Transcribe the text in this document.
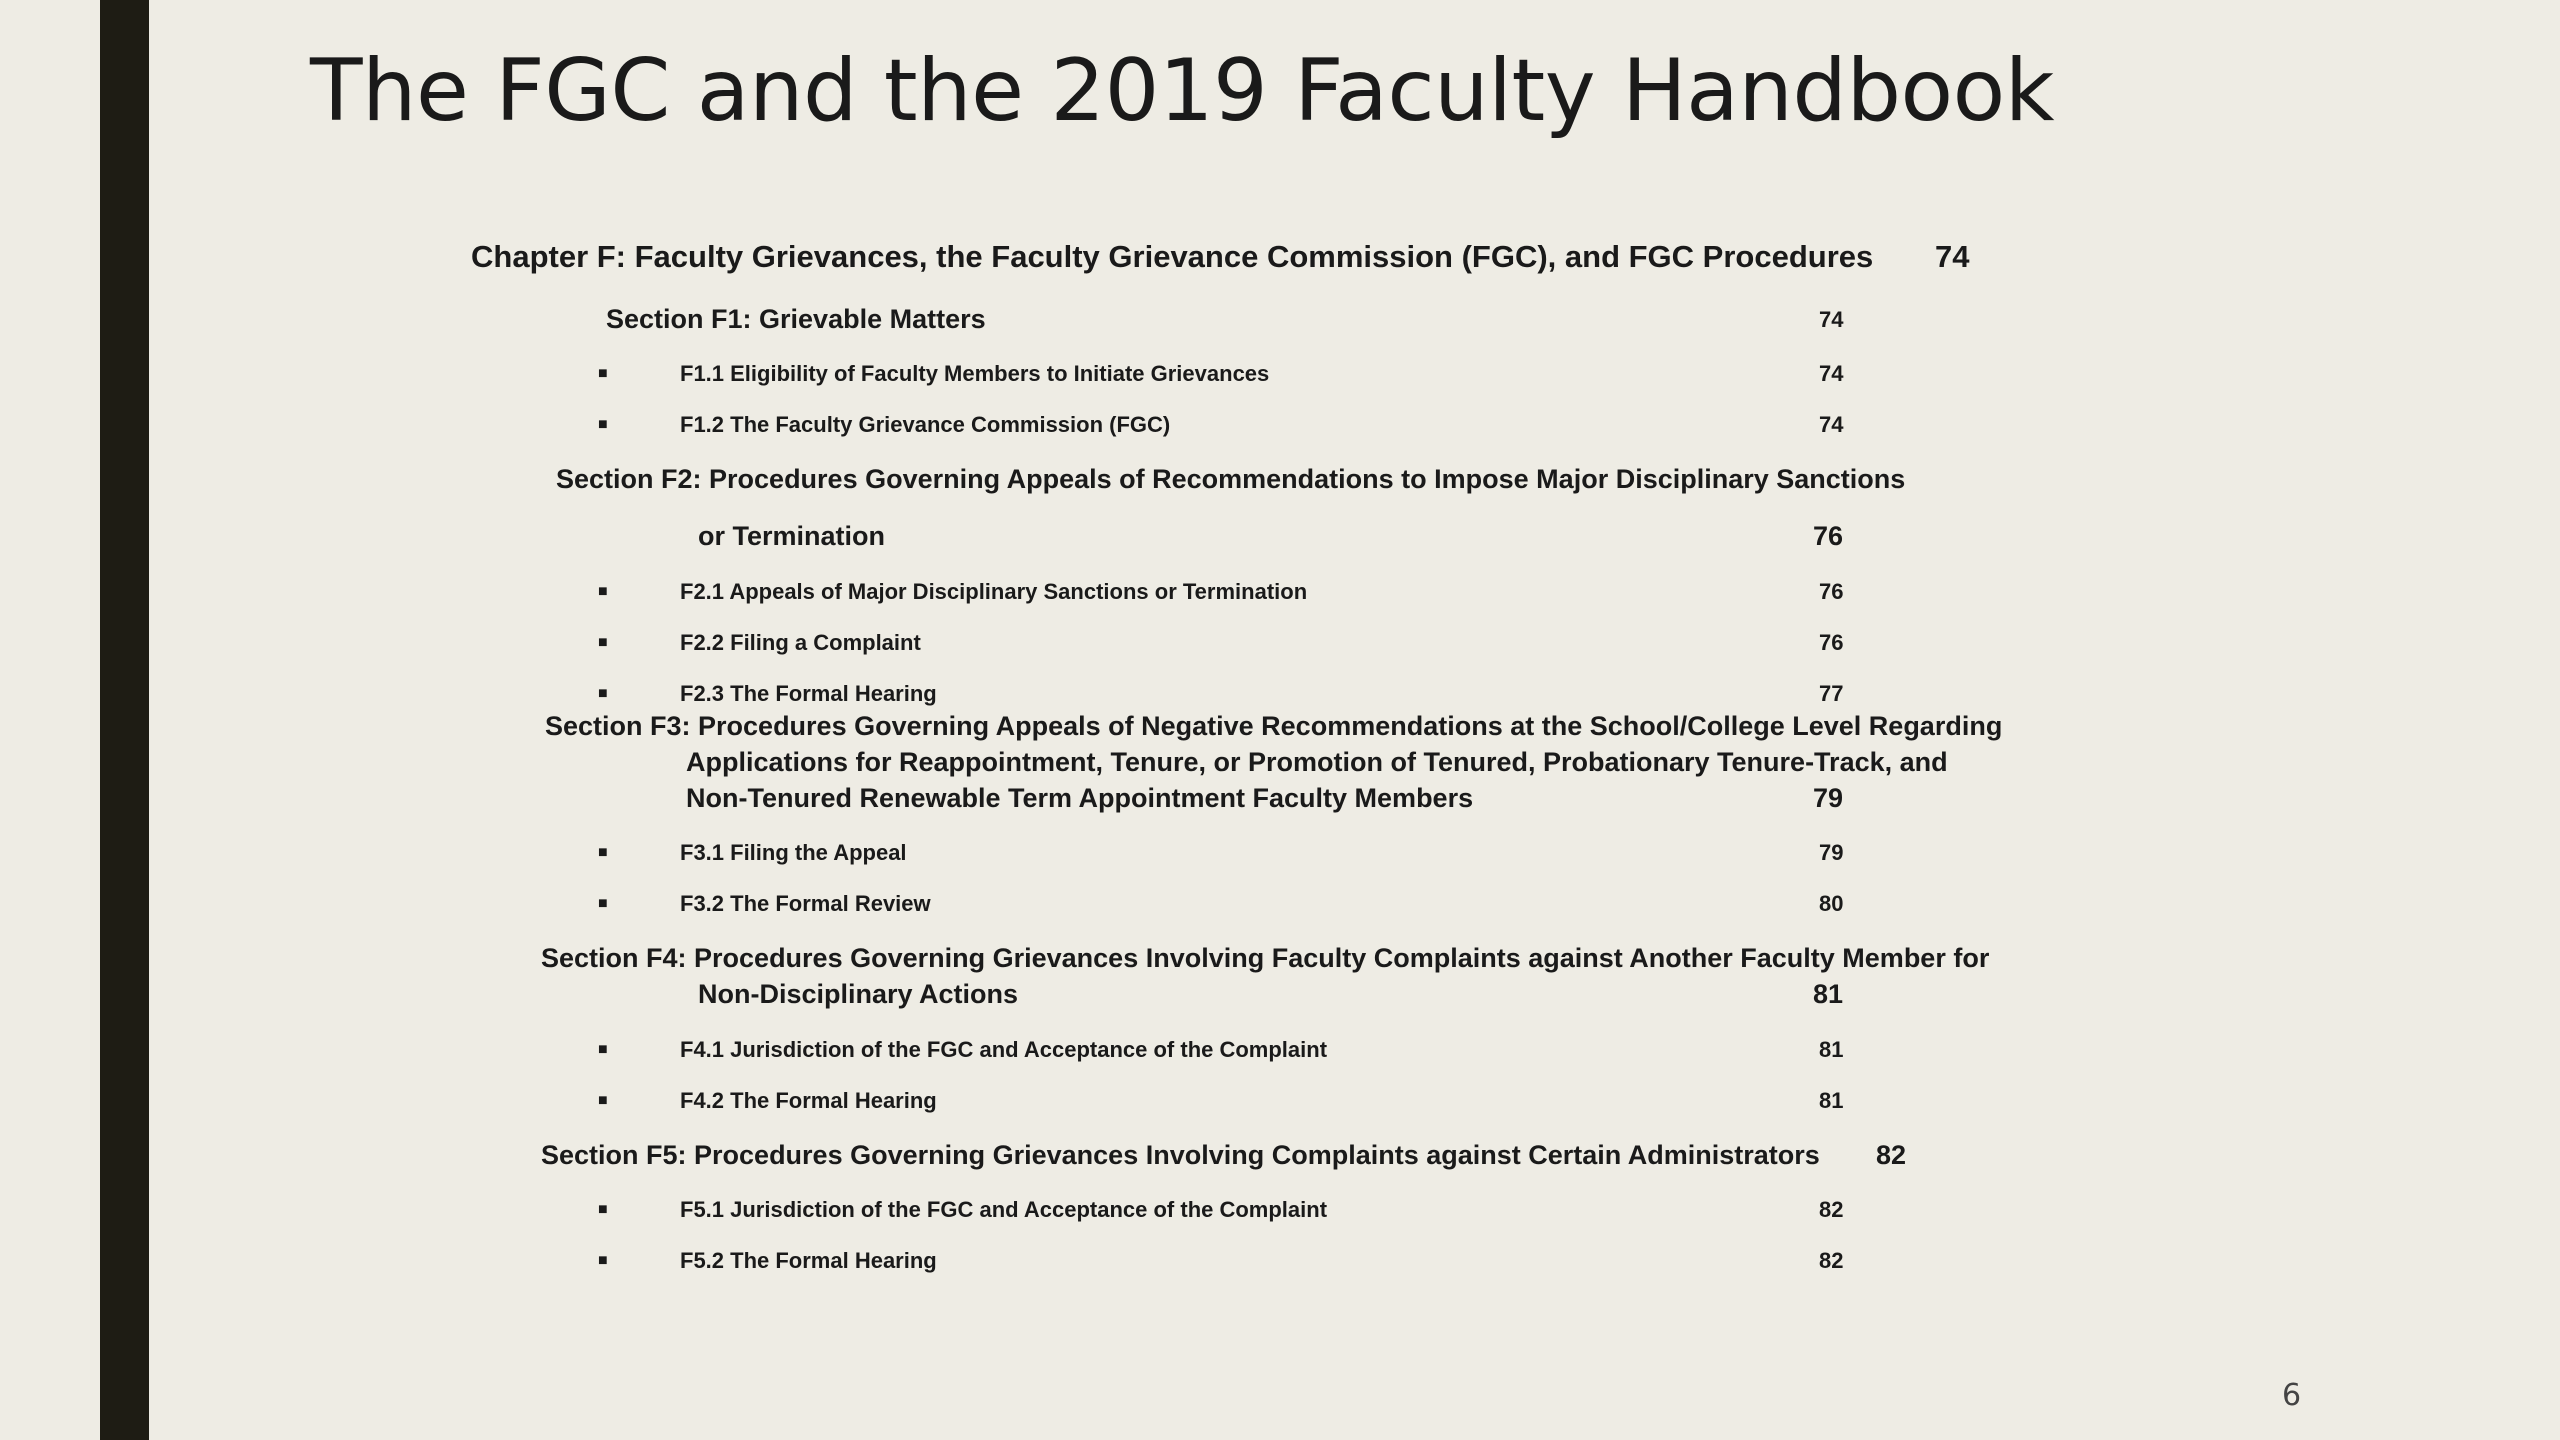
The FGC and the 2019 Faculty Handbook
Chapter F: Faculty Grievances, the Faculty Grievance Commission (FGC), and FGC Procedures 74
Section F1: Grievable Matters	74
■	F1.1 Eligibility of Faculty Members to Initiate Grievances	74
■	F1.2 The Faculty Grievance Commission (FGC)	74
Section F2: Procedures Governing Appeals of Recommendations to Impose Major Disciplinary Sanctions
or Termination	76
■	F2.1 Appeals of Major Disciplinary Sanctions or Termination	76
■	F2.2 Filing a Complaint	76
■	F2.3 The Formal Hearing	77
Section F3: Procedures Governing Appeals of Negative Recommendations at the School/College Level Regarding
Applications for Reappointment, Tenure, or Promotion of Tenured, Probationary Tenure-Track, and
Non-Tenured Renewable Term Appointment Faculty Members	79
■	F3.1 Filing the Appeal	79
■	F3.2 The Formal Review	80
Section F4: Procedures Governing Grievances Involving Faculty Complaints against Another Faculty Member for
Non-Disciplinary Actions	81
■	F4.1 Jurisdiction of the FGC and Acceptance of the Complaint	81
■	F4.2 The Formal Hearing	81
Section F5: Procedures Governing Grievances Involving Complaints against Certain Administrators 82
■	F5.1 Jurisdiction of the FGC and Acceptance of the Complaint	82
■	F5.2 The Formal Hearing	82
6
